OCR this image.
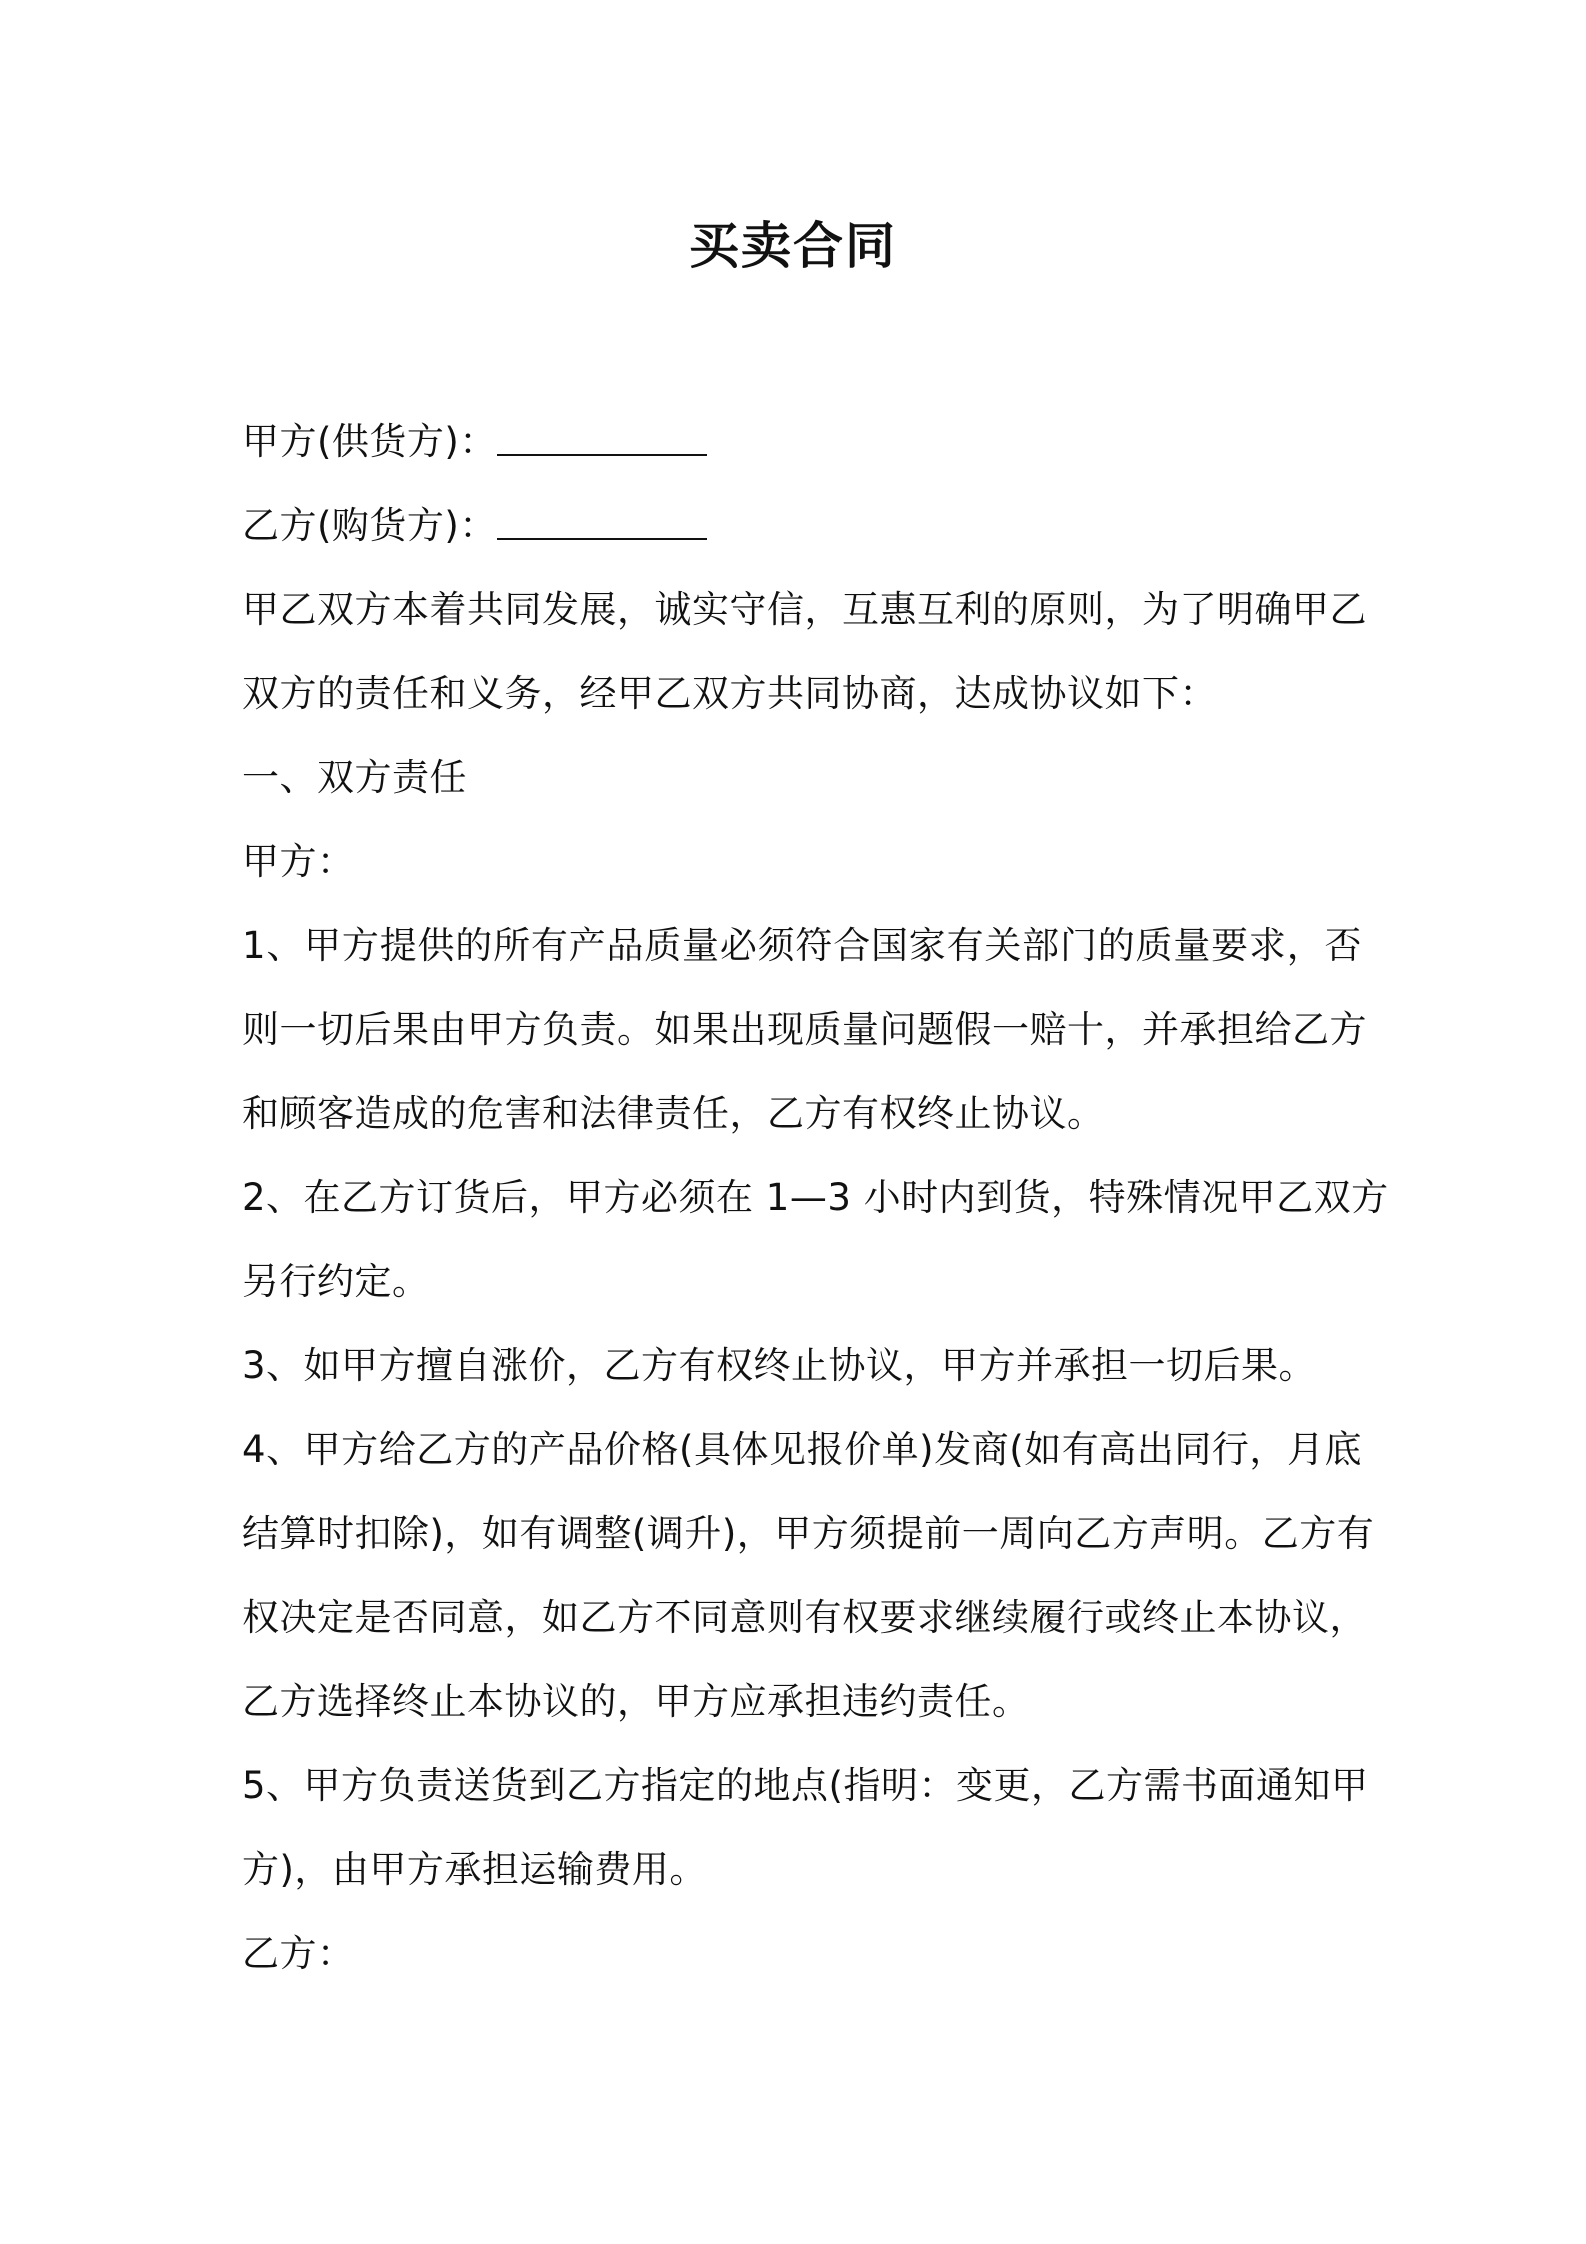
买卖合同
甲方(供货方)：
乙方(购货方)：
甲乙双方本着共同发展，诚实守信，互惠互利的原则，为了明确甲乙
双方的责任和义务，经甲乙双方共同协商，达成协议如下：
一、双方责任
甲方：
1、甲方提供的所有产品质量必须符合国家有关部门的质量要求，否
则一切后果由甲方负责。如果出现质量问题假一赔十，并承担给乙方
和顾客造成的危害和法律责任，乙方有权终止协议。
2、在乙方订货后，甲方必须在 1—3 小时内到货，特殊情况甲乙双方
另行约定。
3、如甲方擅自涨价，乙方有权终止协议，甲方并承担一切后果。
4、甲方给乙方的产品价格(具体见报价单)发商(如有高出同行，月底
结算时扣除)，如有调整(调升)，甲方须提前一周向乙方声明。乙方有
权决定是否同意，如乙方不同意则有权要求继续履行或终止本协议，
乙方选择终止本协议的，甲方应承担违约责任。
5、甲方负责送货到乙方指定的地点(指明：变更，乙方需书面通知甲
方)，由甲方承担运输费用。
乙方：
